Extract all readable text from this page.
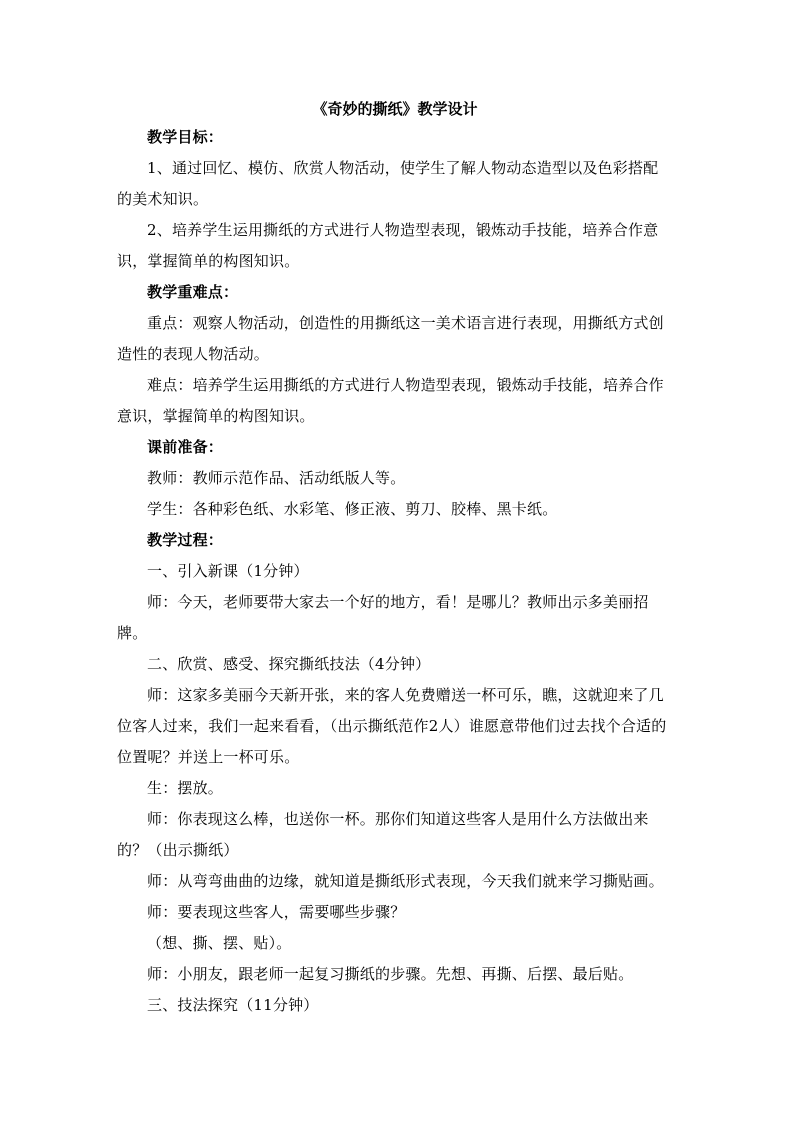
《奇妙的撕纸》教学设计

教学目标：

1、通过回忆、模仿、欣赏人物活动，使学生了解人物动态造型以及色彩搭配的美术知识。

2、培养学生运用撕纸的方式进行人物造型表现，锻炼动手技能，培养合作意识，掌握简单的构图知识。

教学重难点：

重点：观察人物活动，创造性的用撕纸这一美术语言进行表现，用撕纸方式创造性的表现人物活动。

难点：培养学生运用撕纸的方式进行人物造型表现，锻炼动手技能，培养合作意识，掌握简单的构图知识。

课前准备：

教师：教师示范作品、活动纸版人等。

学生：各种彩色纸、水彩笔、修正液、剪刀、胶棒、黑卡纸。

教学过程：

一、引入新课（1分钟）

师：今天，老师要带大家去一个好的地方，看！是哪儿？教师出示多美丽招牌。

二、欣赏、感受、探究撕纸技法（4分钟）

师：这家多美丽今天新开张，来的客人免费赠送一杯可乐，瞧，这就迎来了几位客人过来，我们一起来看看，（出示撕纸范作2人）谁愿意带他们过去找个合适的位置呢？并送上一杯可乐。

生：摆放。

师：你表现这么棒，也送你一杯。那你们知道这些客人是用什么方法做出来的？（出示撕纸）

师：从弯弯曲曲的边缘，就知道是撕纸形式表现，今天我们就来学习撕贴画。

师：要表现这些客人，需要哪些步骤？

（想、撕、摆、贴）。

师：小朋友，跟老师一起复习撕纸的步骤。先想、再撕、后摆、最后贴。

三、技法探究（11分钟）
